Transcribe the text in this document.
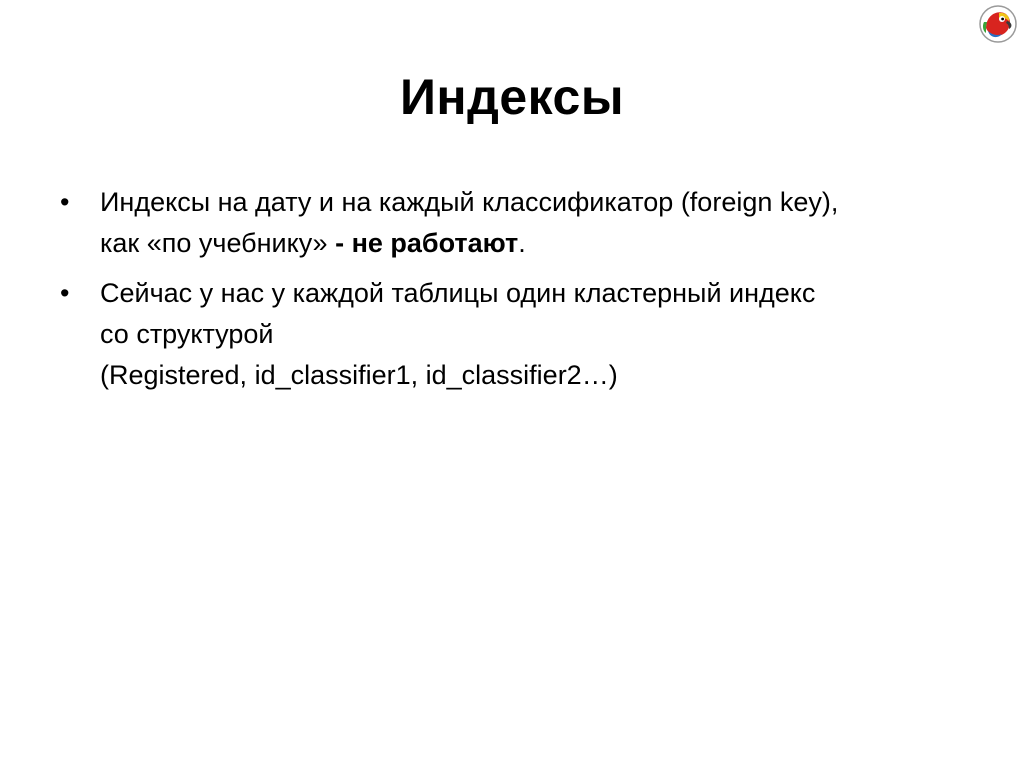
Индексы
• Индексы на дату и на каждый классификатор (foreign key),
как «по учебнику» - не работают.
• Сейчас у нас у каждой таблицы один кластерный индекс
со структурой
(Registered, id_classifier1, id_classifier2…)
